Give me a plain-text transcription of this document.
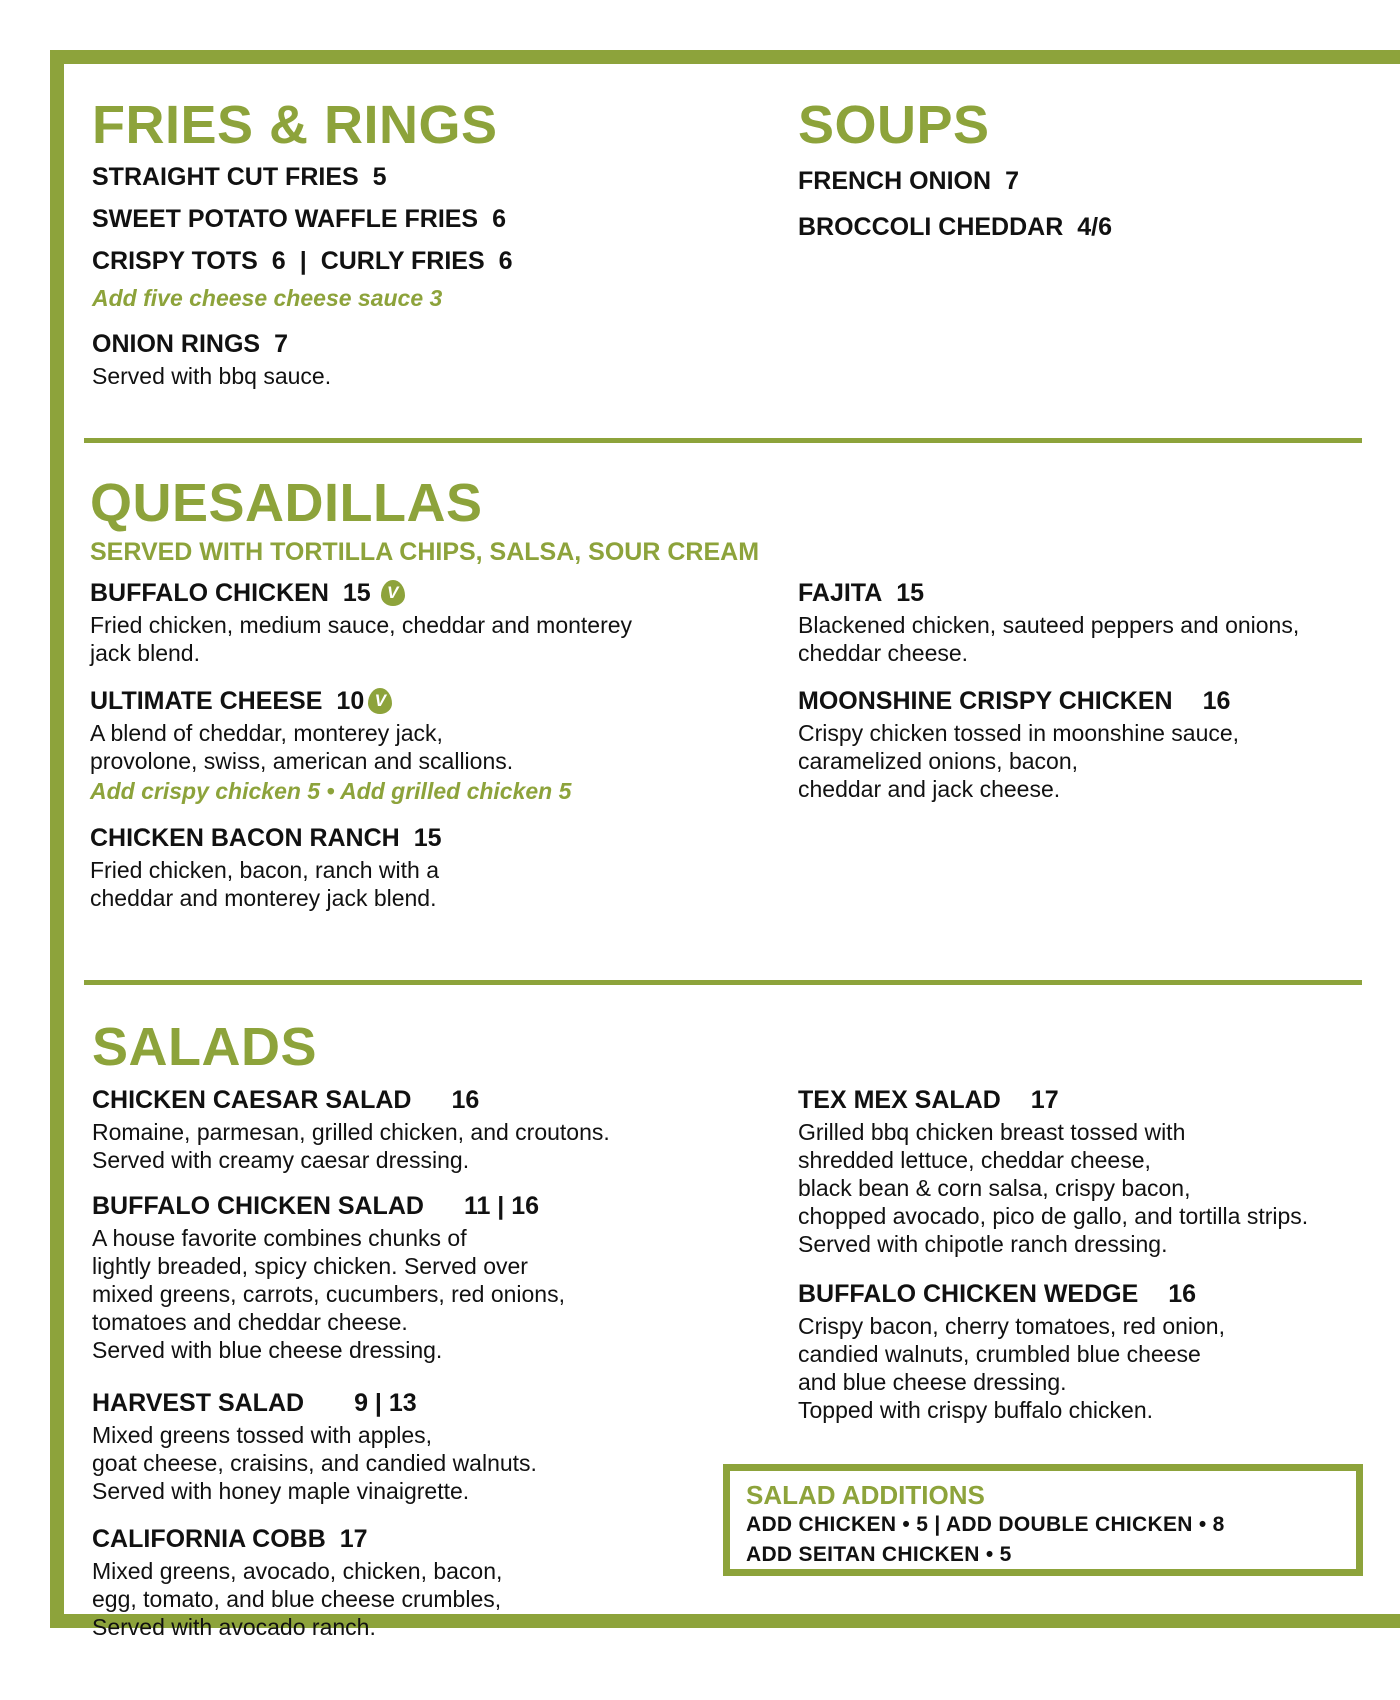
FRIES & RINGS
STRAIGHT CUT FRIES 5
SWEET POTATO WAFFLE FRIES 6
CRISPY TOTS 6 | CURLY FRIES 6
Add five cheese cheese sauce 3
ONION RINGS 7
Served with bbq sauce.
SOUPS
FRENCH ONION 7
BROCCOLI CHEDDAR 4/6
QUESADILLAS
SERVED WITH TORTILLA CHIPS, SALSA, SOUR CREAM
BUFFALO CHICKEN 15 V
Fried chicken, medium sauce, cheddar and monterey
jack blend.
ULTIMATE CHEESE 10 V
A blend of cheddar, monterey jack,
provolone, swiss, american and scallions.
Add crispy chicken 5 • Add grilled chicken 5
CHICKEN BACON RANCH 15
Fried chicken, bacon, ranch with a
cheddar and monterey jack blend.
FAJITA 15
Blackened chicken, sauteed peppers and onions,
cheddar cheese.
MOONSHINE CRISPY CHICKEN 16
Crispy chicken tossed in moonshine sauce,
caramelized onions, bacon,
cheddar and jack cheese.
SALADS
CHICKEN CAESAR SALAD 16
Romaine, parmesan, grilled chicken, and croutons.
Served with creamy caesar dressing.
BUFFALO CHICKEN SALAD 11 | 16
A house favorite combines chunks of
lightly breaded, spicy chicken. Served over
mixed greens, carrots, cucumbers, red onions,
tomatoes and cheddar cheese.
Served with blue cheese dressing.
HARVEST SALAD 9 | 13
Mixed greens tossed with apples,
goat cheese, craisins, and candied walnuts.
Served with honey maple vinaigrette.
CALIFORNIA COBB 17
Mixed greens, avocado, chicken, bacon,
egg, tomato, and blue cheese crumbles,
Served with avocado ranch.
TEX MEX SALAD 17
Grilled bbq chicken breast tossed with
shredded lettuce, cheddar cheese,
black bean & corn salsa, crispy bacon,
chopped avocado, pico de gallo, and tortilla strips.
Served with chipotle ranch dressing.
BUFFALO CHICKEN WEDGE 16
Crispy bacon, cherry tomatoes, red onion,
candied walnuts, crumbled blue cheese
and blue cheese dressing.
Topped with crispy buffalo chicken.
SALAD ADDITIONS
ADD CHICKEN • 5 | ADD DOUBLE CHICKEN • 8
ADD SEITAN CHICKEN • 5
